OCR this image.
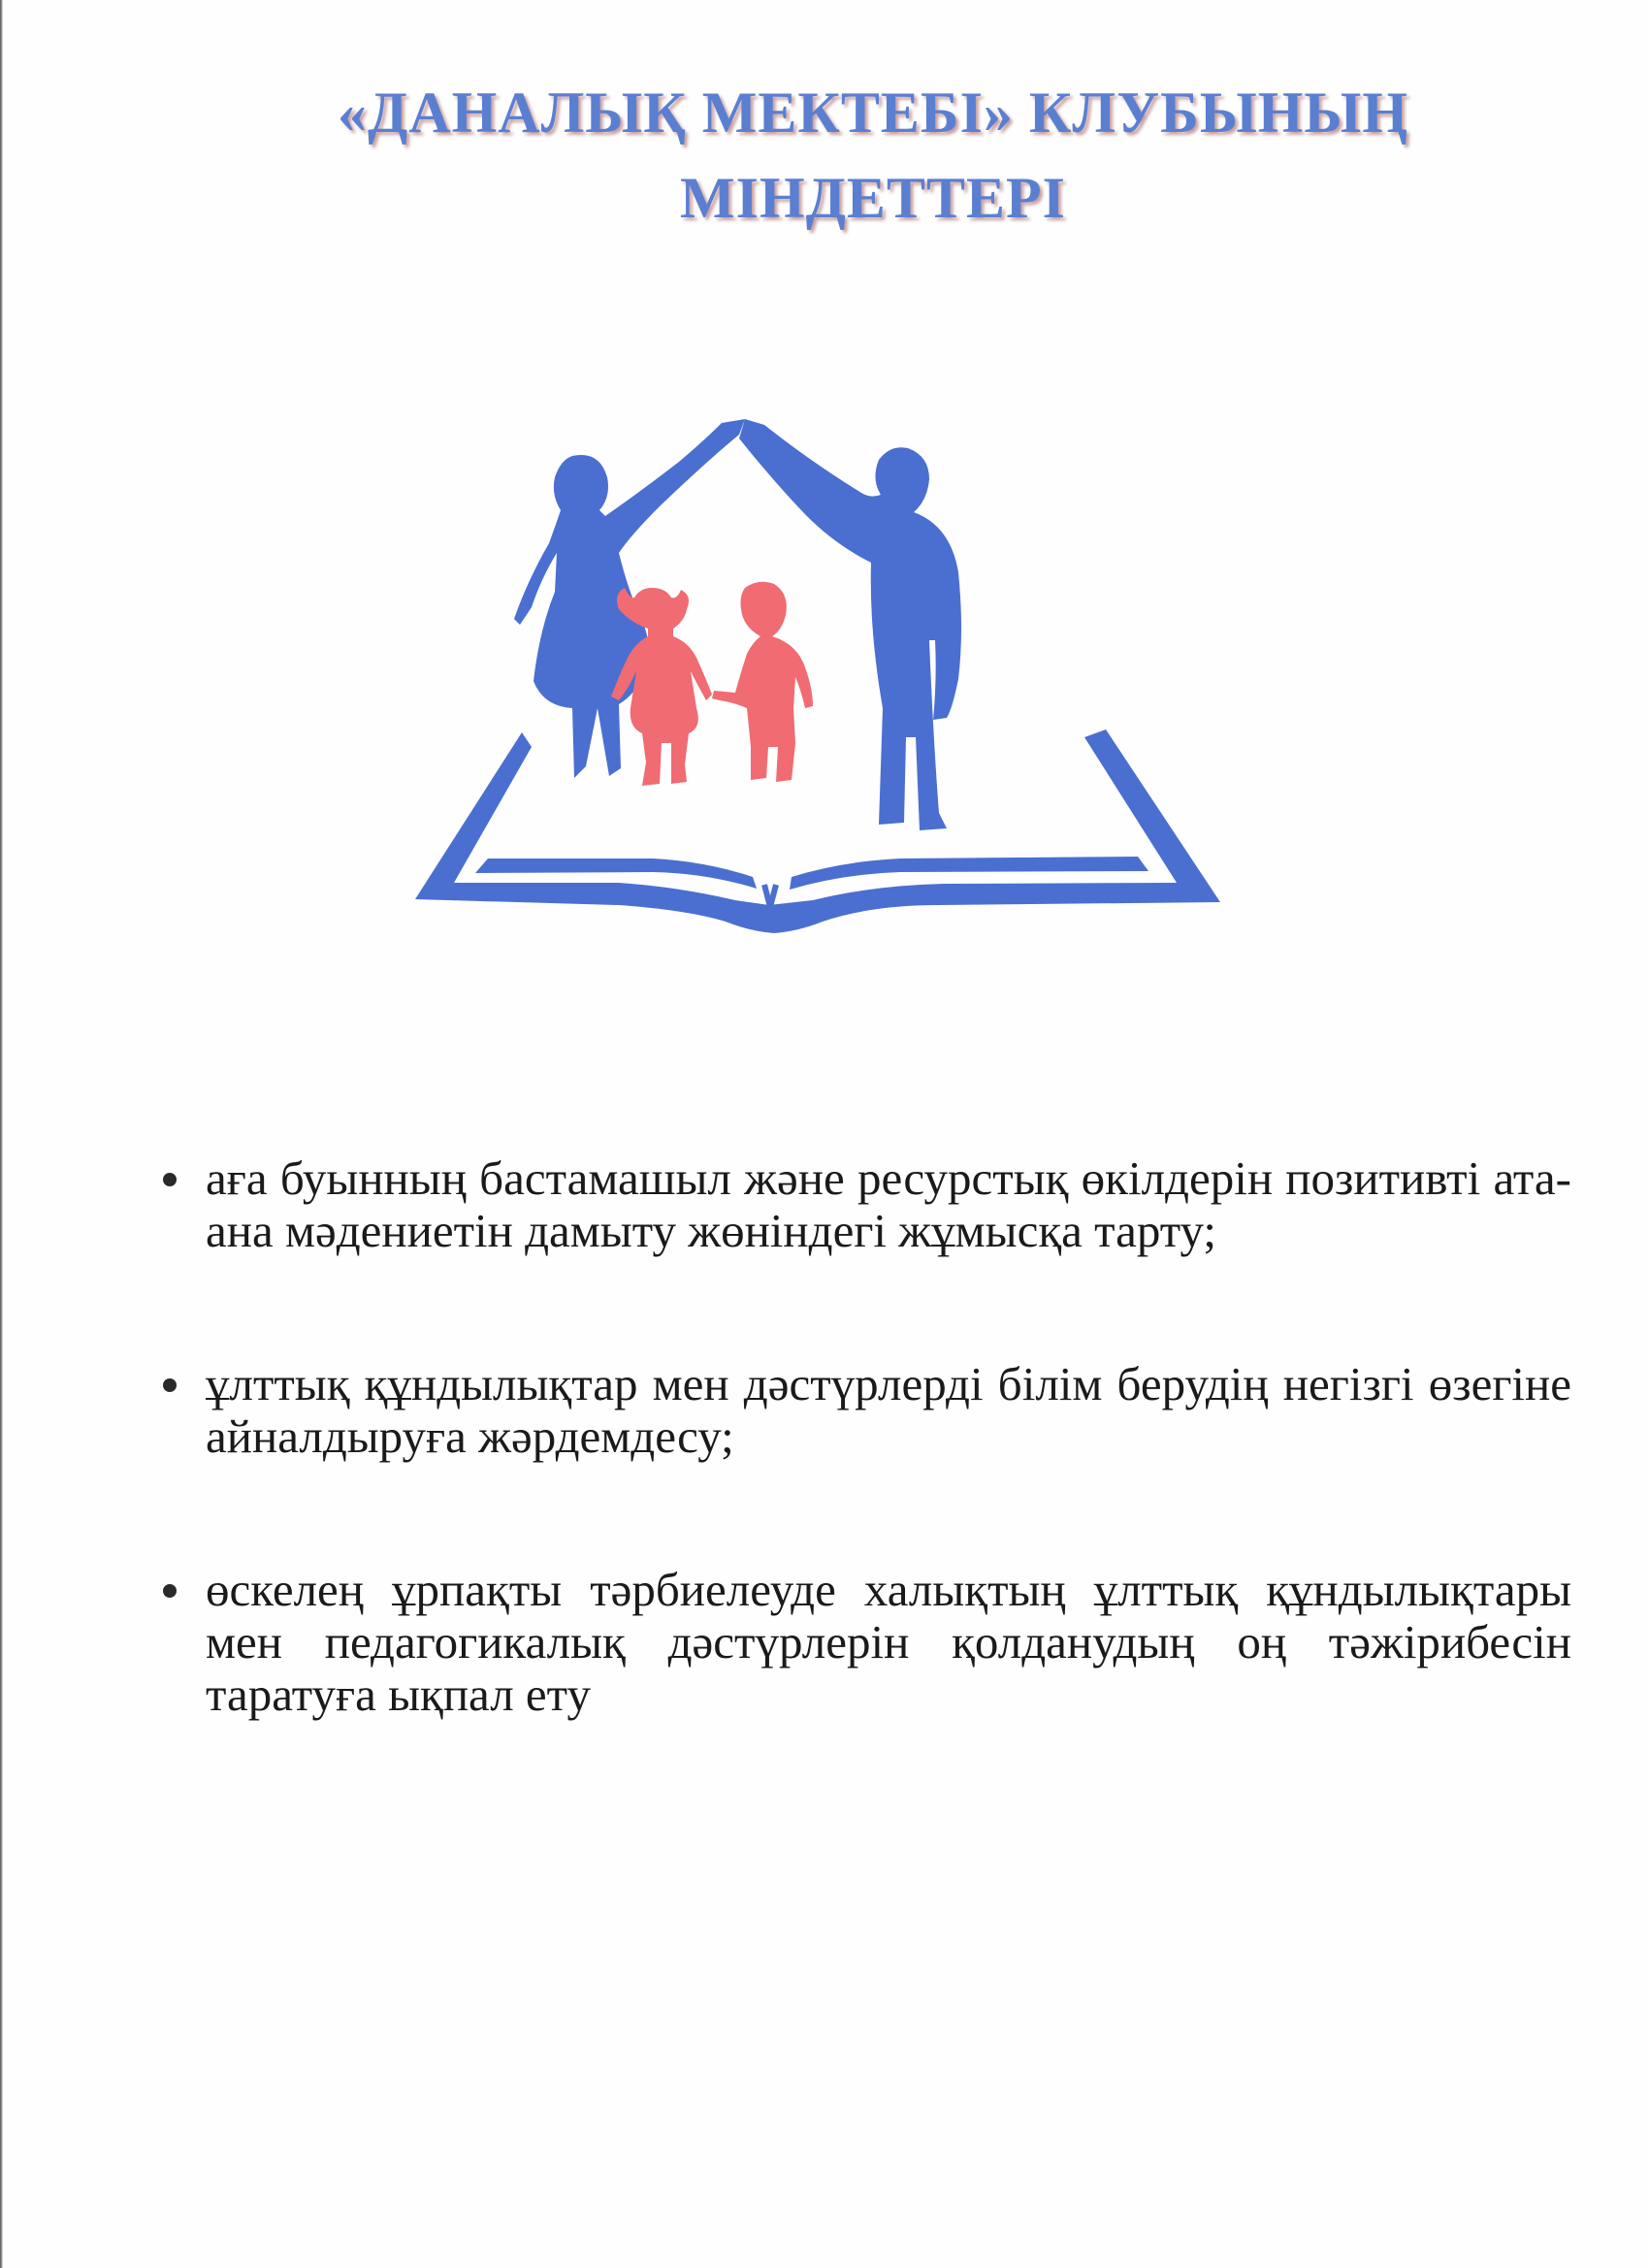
«ДАНАЛЫҚ МЕКТЕБІ» КЛУБЫНЫҢ
МІНДЕТТЕРІ
аға буынның бастамашыл және ресурстық өкілдерін позитивті ата-ана мәдениетін дамыту жөніндегі жұмысқа тарту;
ұлттық құндылықтар мен дәстүрлерді білім берудің негізгі өзегіне айналдыруға жәрдемдесу;
өскелең ұрпақты тәрбиелеуде халықтың ұлттық құндылықтары мен педагогикалық дәстүрлерін қолданудың оң тәжірибесін таратуға ықпал ету
